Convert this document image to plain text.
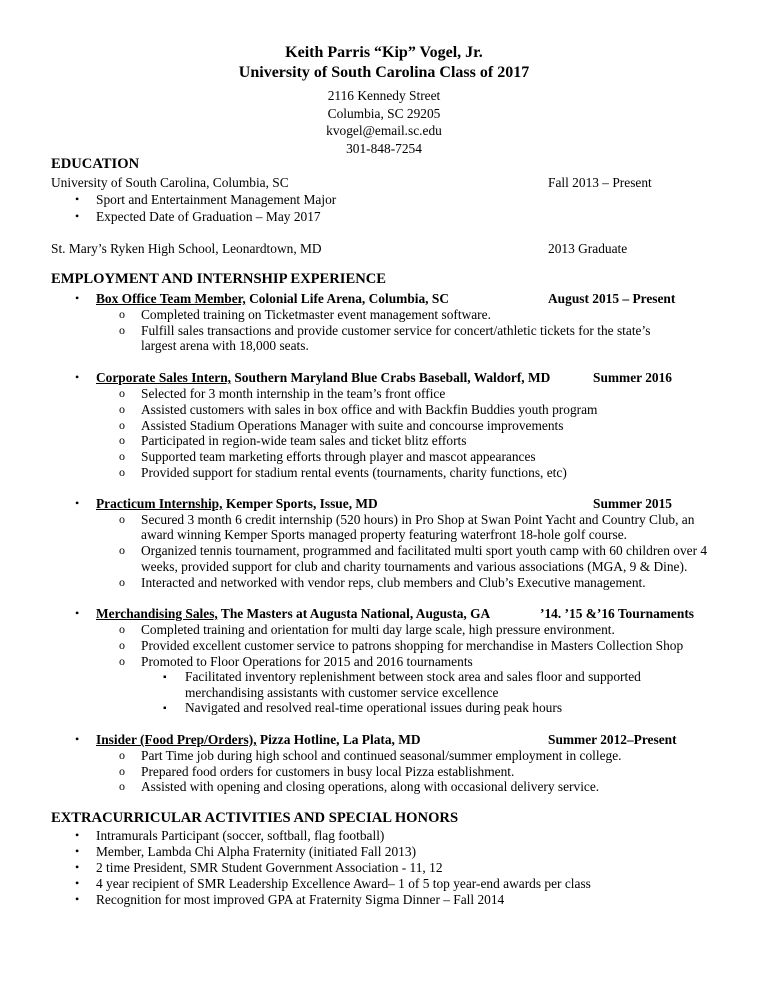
Keith Parris “Kip” Vogel, Jr.
University of South Carolina Class of 2017
2116 Kennedy Street
Columbia, SC 29205
kvogel@email.sc.edu
301-848-7254
EDUCATION
University of South Carolina, Columbia, SC	Fall 2013 – Present
• Sport and Entertainment Management Major
• Expected Date of Graduation – May 2017
St. Mary’s Ryken High School, Leonardtown, MD	2013 Graduate
EMPLOYMENT AND INTERNSHIP EXPERIENCE
• Box Office Team Member, Colonial Life Arena, Columbia, SC	August 2015 – Present
o Completed training on Ticketmaster event management software.
o Fulfill sales transactions and provide customer service for concert/athletic tickets for the state’s
largest arena with 18,000 seats.
• Corporate Sales Intern, Southern Maryland Blue Crabs Baseball, Waldorf, MD	Summer 2016
o Selected for 3 month internship in the team’s front office
o Assisted customers with sales in box office and with Backfin Buddies youth program
o Assisted Stadium Operations Manager with suite and concourse improvements
o Participated in region-wide team sales and ticket blitz efforts
o Supported team marketing efforts through player and mascot appearances
o Provided support for stadium rental events (tournaments, charity functions, etc)
• Practicum Internship, Kemper Sports, Issue, MD	Summer 2015
o Secured 3 month 6 credit internship (520 hours) in Pro Shop at Swan Point Yacht and Country Club, an
award winning Kemper Sports managed property featuring waterfront 18-hole golf course.
o Organized tennis tournament, programmed and facilitated multi sport youth camp with 60 children over 4
weeks, provided support for club and charity tournaments and various associations (MGA, 9 & Dine).
o Interacted and networked with vendor reps, club members and Club’s Executive management.
• Merchandising Sales, The Masters at Augusta National, Augusta, GA	’14. ’15 &’16 Tournaments
o Completed training and orientation for multi day large scale, high pressure environment.
o Provided excellent customer service to patrons shopping for merchandise in Masters Collection Shop
o Promoted to Floor Operations for 2015 and 2016 tournaments
▪ Facilitated inventory replenishment between stock area and sales floor and supported
merchandising assistants with customer service excellence
▪ Navigated and resolved real-time operational issues during peak hours
• Insider (Food Prep/Orders), Pizza Hotline, La Plata, MD	Summer 2012–Present
o Part Time job during high school and continued seasonal/summer employment in college.
o Prepared food orders for customers in busy local Pizza establishment.
o Assisted with opening and closing operations, along with occasional delivery service.
EXTRACURRICULAR ACTIVITIES AND SPECIAL HONORS
• Intramurals Participant (soccer, softball, flag football)
• Member, Lambda Chi Alpha Fraternity (initiated Fall 2013)
• 2 time President, SMR Student Government Association - 11, 12
• 4 year recipient of SMR Leadership Excellence Award– 1 of 5 top year-end awards per class
• Recognition for most improved GPA at Fraternity Sigma Dinner – Fall 2014
